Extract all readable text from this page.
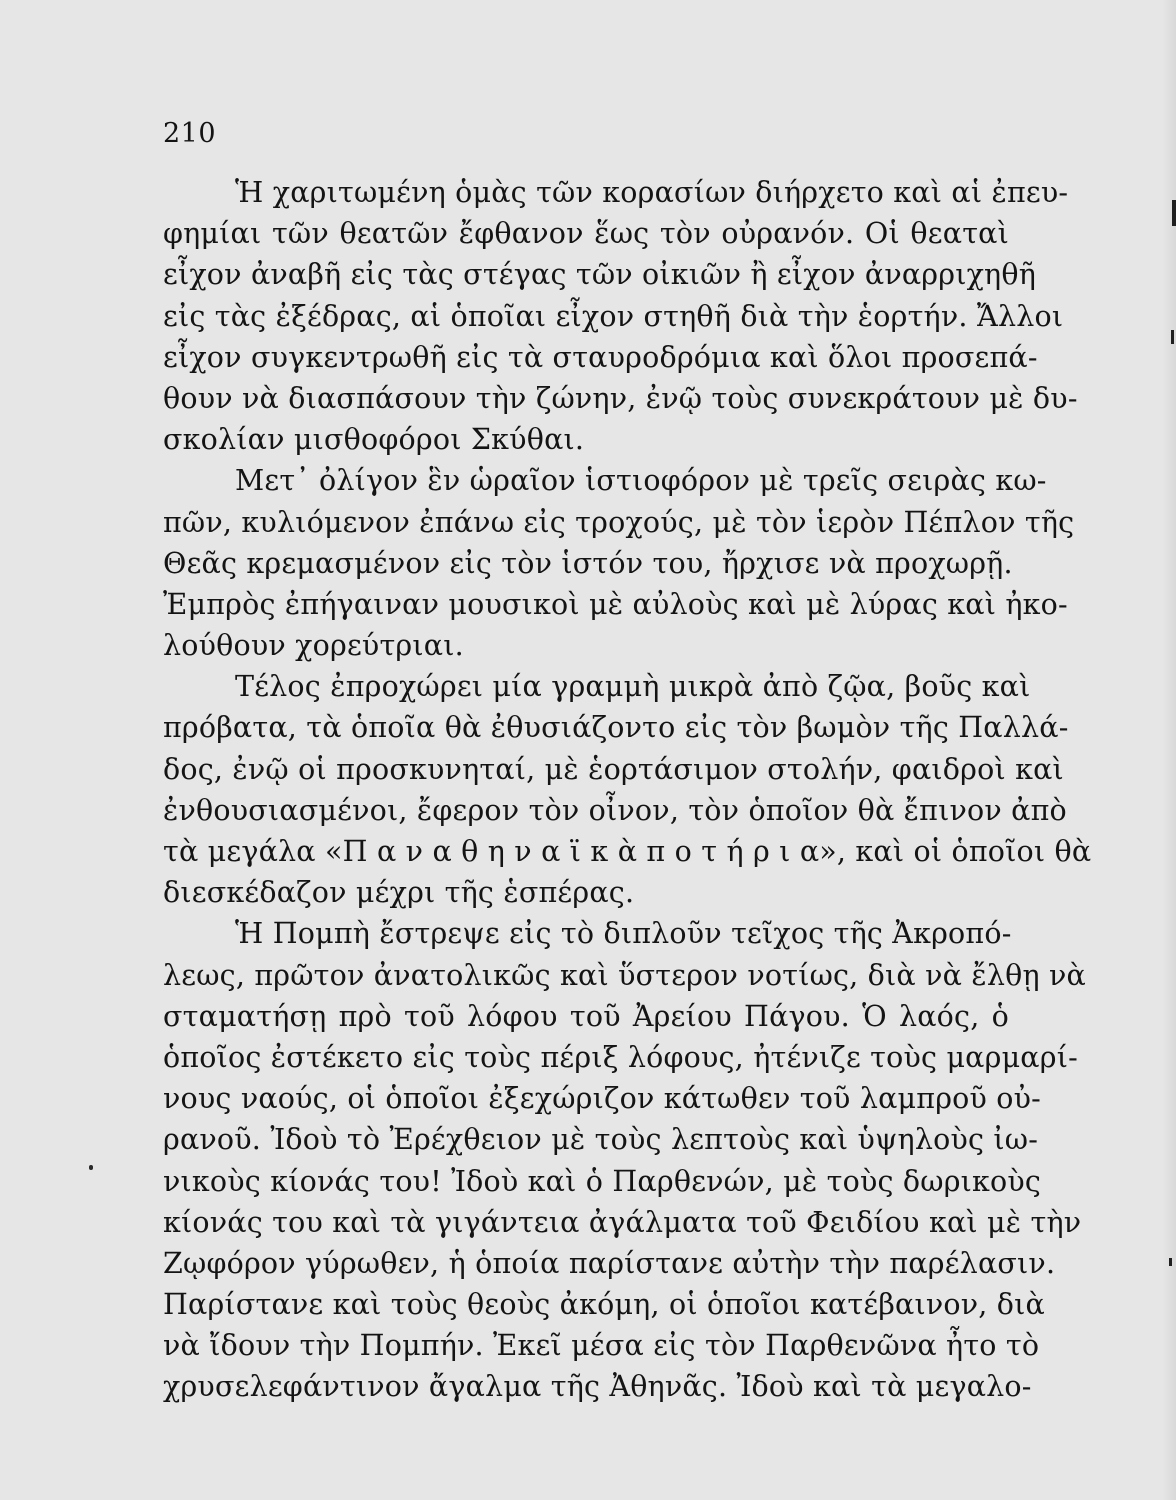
210
Ἡ χαριτωμένη ὁμὰς τῶν κορασίων διήρχετο καὶ αἱ ἐπευ-
φημίαι τῶν θεατῶν ἔφθανον ἕως τὸν οὐρανόν. Οἱ θεαταὶ
εἶχον ἀναβῆ εἰς τὰς στέγας τῶν οἰκιῶν ἢ εἶχον ἀναρριχηθῆ
εἰς τὰς ἐξέδρας, αἱ ὁποῖαι εἶχον στηθῆ διὰ τὴν ἑορτήν. Ἄλλοι
εἶχον συγκεντρωθῆ εἰς τὰ σταυροδρόμια καὶ ὅλοι προσεπά-
θουν νὰ διασπάσουν τὴν ζώνην, ἐνῷ τοὺς συνεκράτουν μὲ δυ-
σκολίαν μισθοφόροι Σκύθαι.
Μετ᾽ ὀλίγον ἓν ὡραῖον ἱστιοφόρον μὲ τρεῖς σειρὰς κω-
πῶν, κυλιόμενον ἐπάνω εἰς τροχούς, μὲ τὸν ἱερὸν Πέπλον τῆς
Θεᾶς κρεμασμένον εἰς τὸν ἱστόν του, ἤρχισε νὰ προχωρῇ.
Ἐμπρὸς ἐπήγαιναν μουσικοὶ μὲ αὐλοὺς καὶ μὲ λύρας καὶ ἠκο-
λούθουν χορεύτριαι.
Τέλος ἐπροχώρει μία γραμμὴ μικρὰ ἀπὸ ζῷα, βοῦς καὶ
πρόβατα, τὰ ὁποῖα θὰ ἐθυσιάζοντο εἰς τὸν βωμὸν τῆς Παλλά-
δος, ἐνῷ οἱ προσκυνηταί, μὲ ἑορτάσιμον στολήν, φαιδροὶ καὶ
ἐνθουσιασμένοι, ἔφερον τὸν οἶνον, τὸν ὁποῖον θὰ ἔπινον ἀπὸ
τὰ μεγάλα «Π α ν α θ η ν α ϊ κ ὰ π ο τ ή ρ ι α», καὶ οἱ ὁποῖοι θὰ
διεσκέδαζον μέχρι τῆς ἑσπέρας.
Ἡ Πομπὴ ἔστρεψε εἰς τὸ διπλοῦν τεῖχος τῆς Ἀκροπό-
λεως, πρῶτον ἀνατολικῶς καὶ ὕστερον νοτίως, διὰ νὰ ἔλθῃ νὰ
σταματήσῃ πρὸ τοῦ λόφου τοῦ Ἀρείου Πάγου. Ὁ λαός, ὁ
ὁποῖος ἐστέκετο εἰς τοὺς πέριξ λόφους, ἠτένιζε τοὺς μαρμαρί-
νους ναούς, οἱ ὁποῖοι ἐξεχώριζον κάτωθεν τοῦ λαμπροῦ οὐ-
ρανοῦ. Ἰδοὺ τὸ Ἐρέχθειον μὲ τοὺς λεπτοὺς καὶ ὑψηλοὺς ἰω-
νικοὺς κίονάς του! Ἰδοὺ καὶ ὁ Παρθενών, μὲ τοὺς δωρικοὺς
κίονάς του καὶ τὰ γιγάντεια ἀγάλματα τοῦ Φειδίου καὶ μὲ τὴν
Ζῳφόρον γύρωθεν, ἡ ὁποία παρίστανε αὐτὴν τὴν παρέλασιν.
Παρίστανε καὶ τοὺς θεοὺς ἀκόμη, οἱ ὁποῖοι κατέβαινον, διὰ
νὰ ἴδουν τὴν Πομπήν. Ἐκεῖ μέσα εἰς τὸν Παρθενῶνα ἦτο τὸ
χρυσελεφάντινον ἄγαλμα τῆς Ἀθηνᾶς. Ἰδοὺ καὶ τὰ μεγαλο-
